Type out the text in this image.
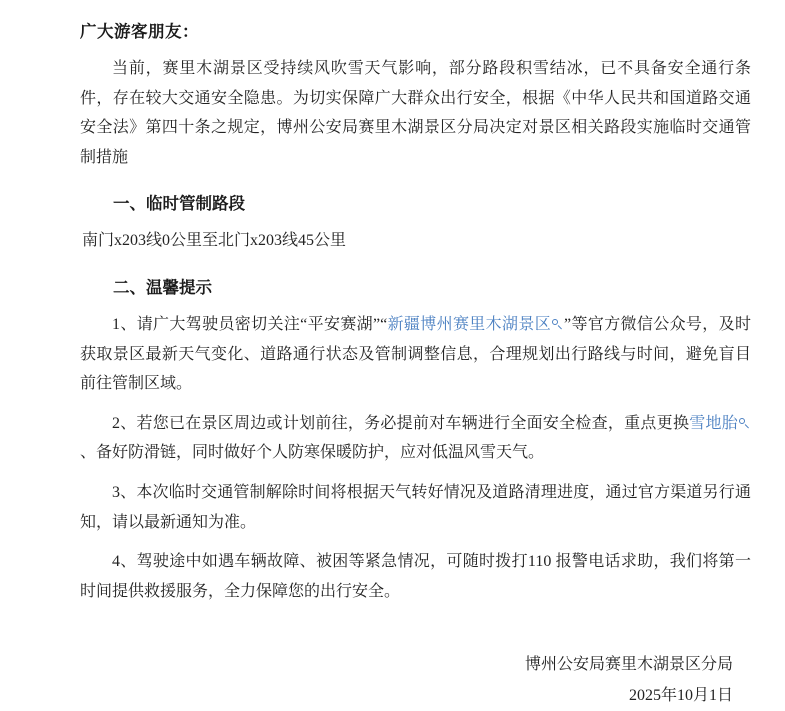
广大游客朋友：

当前，赛里木湖景区受持续风吹雪天气影响，部分路段积雪结冰，已不具备安全通行条件，存在较大交通安全隐患。为切实保障广大群众出行安全，根据《中华人民共和国道路交通安全法》第四十条之规定，博州公安局赛里木湖景区分局决定对景区相关路段实施临时交通管制措施

一、临时管制路段

南门x203线0公里至北门x203线45公里

二、温馨提示

1、请广大驾驶员密切关注“平安赛湖”“新疆博州赛里木湖景区 ”等官方微信公众号，及时获取景区最新天气变化、道路通行状态及管制调整信息，合理规划出行路线与时间，避免盲目前往管制区域。

2、若您已在景区周边或计划前往，务必提前对车辆进行全面安全检查，重点更换雪地胎、备好防滑链，同时做好个人防寒保暖防护，应对低温风雪天气。

3、本次临时交通管制解除时间将根据天气转好情况及道路清理进度，通过官方渠道另行通知，请以最新通知为准。

4、驾驶途中如遇车辆故障、被困等紧急情况，可随时拨打110 报警电话求助，我们将第一时间提供救援服务，全力保障您的出行安全。

博州公安局赛里木湖景区分局
2025年10月1日
